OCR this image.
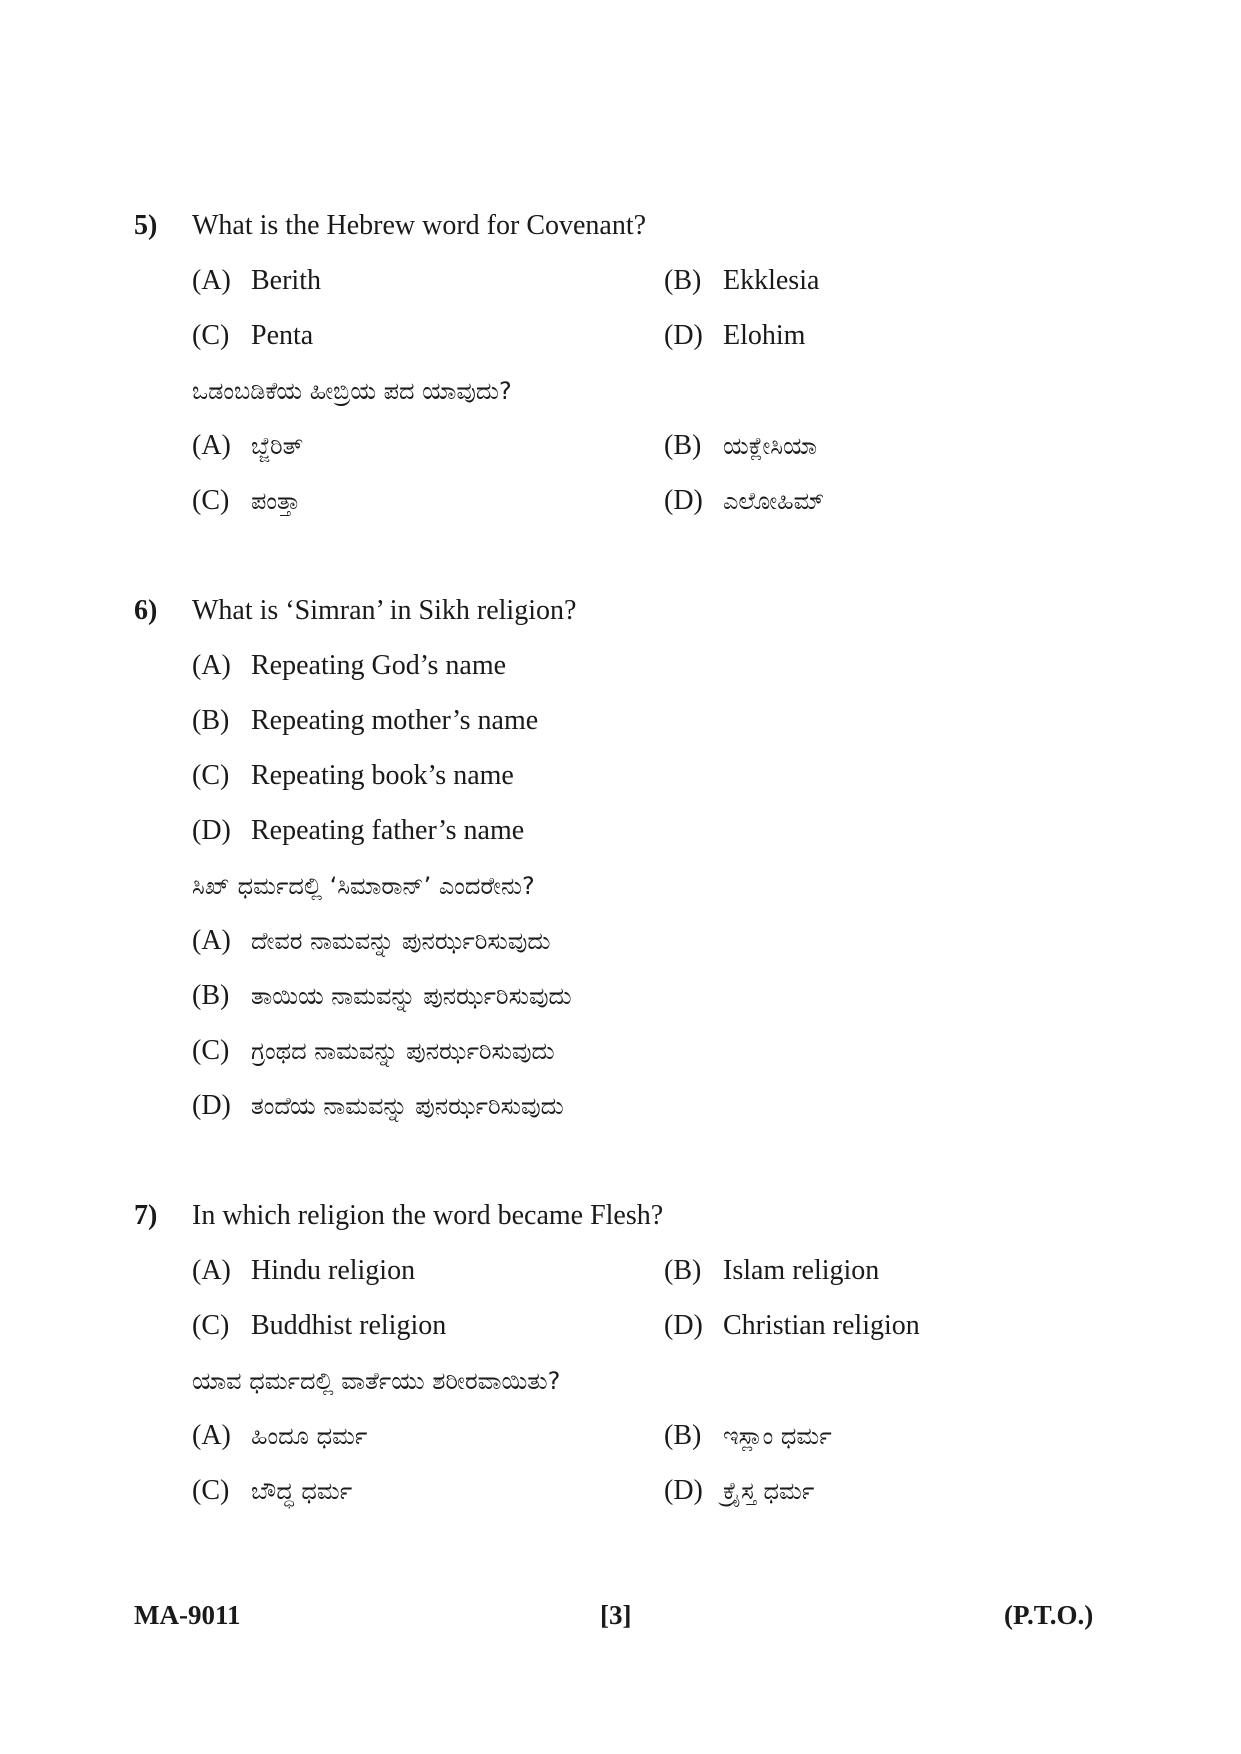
5) What is the Hebrew word for Covenant?
(A) Berith	(B) Ekklesia
(C) Penta	(D) Elohim
ಒಡಂಬಡಿಕೆಯ ಹೀಬ್ರಿಯ ಪದ ಯಾವುದು?
(A) ಬ್ಜೆರಿತ್	(B) ಯಕ್ಲೇಸಿಯಾ
(C) ಪಂತ್ತಾ	(D) ಎಲೋಹಿಮ್
6) What is ‘Simran’ in Sikh religion?
(A) Repeating God’s name
(B) Repeating mother’s name
(C) Repeating book’s name
(D) Repeating father’s name
ಸಿಖ್ ಧರ್ಮದಲ್ಲಿ ‘ಸಿಮಾರಾನ್’ ಎಂದರೇನು?
(A) ದೇವರ ನಾಮವನ್ನು ಪುನರ್ಝರಿಸುವುದು
(B) ತಾಯಿಯ ನಾಮವನ್ನು ಪುನರ್ಝರಿಸುವುದು
(C) ಗ್ರಂಥದ ನಾಮವನ್ನು ಪುನರ್ಝರಿಸುವುದು
(D) ತಂದೆಯ ನಾಮವನ್ನು ಪುನರ್ಝರಿಸುವುದು
7) In which religion the word became Flesh?
(A) Hindu religion	(B) Islam religion
(C) Buddhist religion	(D) Christian religion
ಯಾವ ಧರ್ಮದಲ್ಲಿ ವಾರ್ತೆಯು ಶರೀರವಾಯಿತು?
(A) ಹಿಂದೂ ಧರ್ಮ	(B) ಇಸ್ಲಾಂ ಧರ್ಮ
(C) ಬೌದ್ಧ ಧರ್ಮ	(D) ಕ್ರೈಸ್ತ ಧರ್ಮ
MA-9011	[3]	(P.T.O.)
